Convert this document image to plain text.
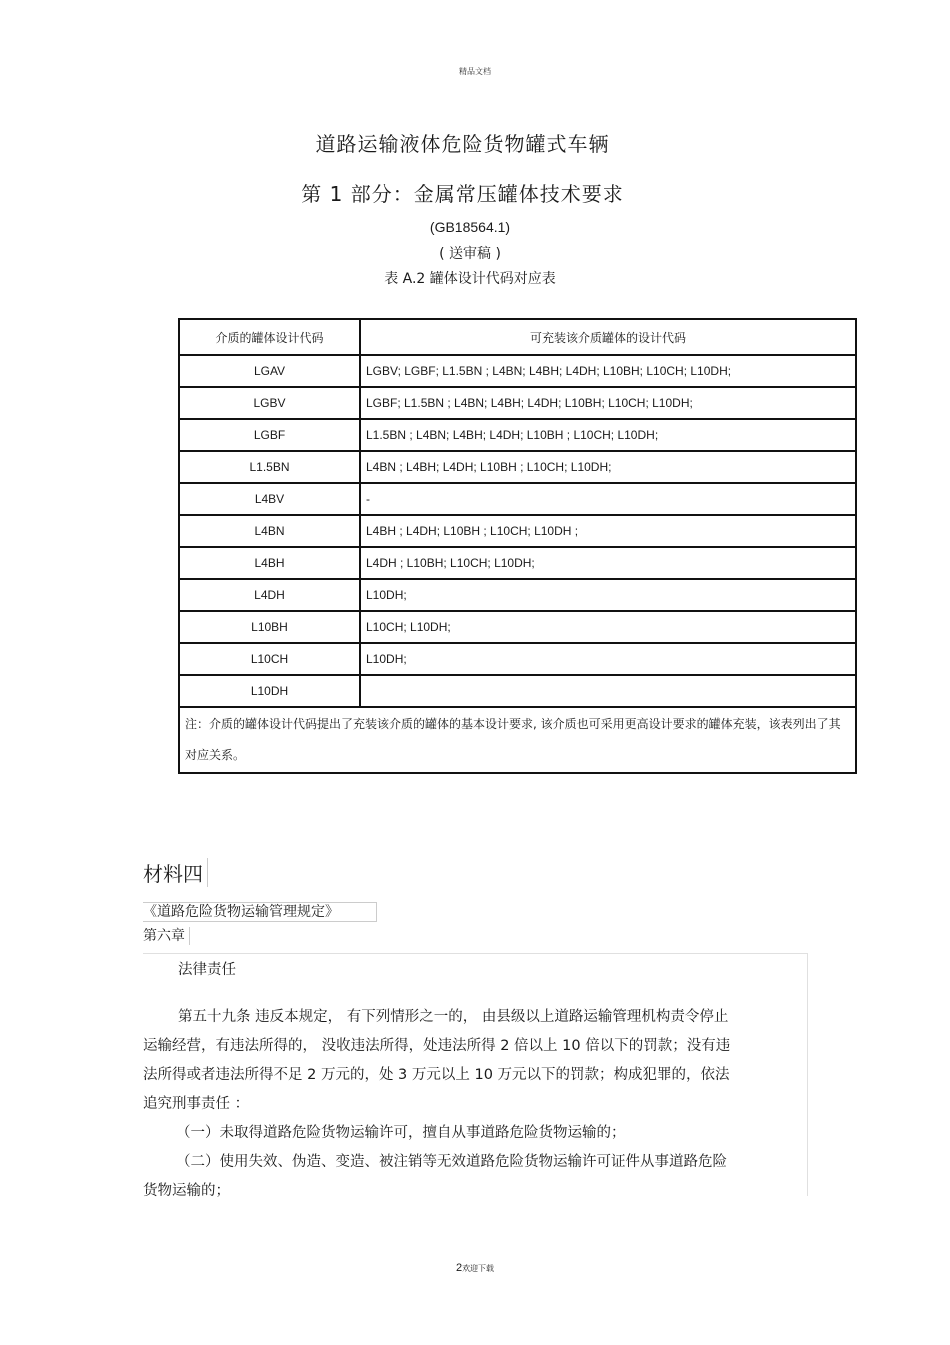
精品文档
道路运输液体危险货物罐式车辆
第 1 部分：金属常压罐体技术要求
(GB18564.1)
( 送审稿 )
表 A.2 罐体设计代码对应表
介质的罐体设计代码	可充装该介质罐体的设计代码
LGAV	LGBV; LGBF; L1.5BN ; L4BN; L4BH; L4DH; L10BH; L10CH; L10DH;
LGBV	LGBF; L1.5BN ; L4BN; L4BH; L4DH; L10BH; L10CH; L10DH;
LGBF	L1.5BN ; L4BN; L4BH; L4DH; L10BH ; L10CH; L10DH;
L1.5BN	L4BN ; L4BH; L4DH; L10BH ; L10CH; L10DH;
L4BV	-
L4BN	L4BH ; L4DH; L10BH ; L10CH; L10DH ;
L4BH	L4DH ; L10BH; L10CH; L10DH;
L4DH	L10DH;
L10BH	L10CH; L10DH;
L10CH	L10DH;
L10DH	
注：介质的罐体设计代码提出了充装该介质的罐体的基本设计要求, 该介质也可采用更高设计要求的罐体充装，该表列出了其对应关系。	
材料四
《道路危险货物运输管理规定》
第六章
法律责任
第五十九条 违反本规定， 有下列情形之一的， 由县级以上道路运输管理机构责令停止
运输经营，有违法所得的， 没收违法所得，处违法所得 2 倍以上 10 倍以下的罚款；没有违
法所得或者违法所得不足 2 万元的，处 3 万元以上 10 万元以下的罚款；构成犯罪的，依法
追究刑事责任 ：
（一）未取得道路危险货物运输许可，擅自从事道路危险货物运输的；
（二）使用失效、伪造、变造、被注销等无效道路危险货物运输许可证件从事道路危险
货物运输的；
2欢迎下载
